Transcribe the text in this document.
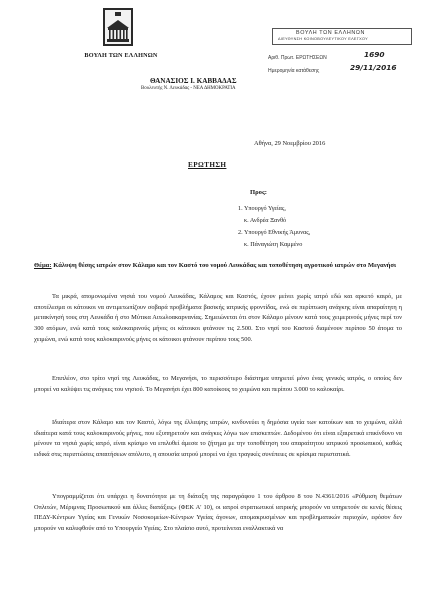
ΒΟΥΛΗ ΤΩΝ ΕΛΛΗΝΩΝ
ΒΟΥΛΗ ΤΩΝ ΕΛΛΗΝΩΝ
ΔΙΕΥΘΥΝΣΗ ΚΟΙΝΟΒΟΥΛΕΥΤΙΚΟΥ ΕΛΕΓΧΟΥ
Αριθ. Πρωτ. ΕΡΩΤΗΣΕΩΝ	1690
Ημερομηνία κατάθεσης	29/11/2016
ΘΑΝΑΣΙΟΣ Ι. ΚΑΒΒΑΔΑΣ
Βουλευτής Ν. Λευκάδας - ΝΕΑ ΔΗΜΟΚΡΑΤΙΑ
Αθήνα, 29 Νοεμβρίου 2016
ΕΡΩΤΗΣΗ
Προς:
1. Υπουργό Υγείας,
κ. Ανδρέα Ξανθό
2. Υπουργό Εθνικής Άμυνας,
κ. Πάναγιώτη Καμμένο
Θέμα: Κάλυψη θέσης ιατρών στον Κάλαμο και τον Καστό του νομού Λευκάδας και τοποθέτηση αγροτικού ιατρών στο Μεγανήσι
Τα μικρά, απομονωμένα νησιά του νομού Λευκάδας, Κάλαμος και Καστός, έχουν μείνει χωρίς ιατρό εδώ και αρκετό καιρό, με αποτέλεσμα οι κάτοικοι να αντιμετωπίζουν σοβαρά προβλήματα βασικής ιατρικής φροντίδας, ενώ σε περίπτωση ανάγκης είναι απαραίτητη η μετακίνησή τους στη Λευκάδα ή στο Μύτικα Αιτωλοακαρνανίας. Σημειώνεται ότι στον Κάλαμο μένουν κατά τους χειμερινούς μήνες περί τον 300 ατόμων, ενώ κατά τους καλοκαιρινούς μήνες οι κάτοικοι φτάνουν τις 2.500. Στο νησί του Καστού διαμένουν περίπου 50 άτομα το χειμώνα, ενώ κατά τους καλοκαιρινούς μήνες οι κάτοικοι φτάνουν περίπου τους 500.
Επιπλέον, στο τρίτο νησί της Λευκάδας, το Μεγανήσι, το περισσότερο διάστημα υπηρετεί μόνο ένας γενικός ιατρός, ο οποίος δεν μπορεί να καλύψει τις ανάγκες του νησιού. Το Μεγανήσι έχει 800 κατοίκους το χειμώνα και περίπου 3.000 το καλοκαίρι.
Ιδιαίτερα στον Κάλαμο και τον Καστό, λόγω της έλλειψης ιατρών, κινδυνεύει η δημόσια υγεία των κατοίκων και το χειμώνα, αλλά ιδιαίτερα κατά τους καλοκαιρινούς μήνες, που εξυπηρετούν και ανάγκες λόγω των επισκεπτών. Δεδομένου ότι είναι εξαιρετικά επικίνδυνο να μένουν τα νησιά χωρίς ιατρό, είναι κρίσιμο να επιλυθεί άμεσα το ζήτημα με την τοποθέτηση του απαραίτητου ιατρικού προσωπικού, καθώς ειδικά στις περιπτώσεις απαιτήσεων απόλυτο, η απουσία ιατρού μπορεί να έχει τραγικές συνέπειες σε κρίσιμα περιστατικά.
Υπογραμμίζεται ότι υπάρχει η δυνατότητα με τη διάταξη της παραγράφου 1 του άρθρου 8 του Ν.4361/2016 «Ρύθμιση θεμάτων Οπλιτών, Μέριμνας Προσωπικού και άλλες διατάξεις» (ΦΕΚ Α' 10), οι ιατροί στρατιωτικοί ιατρικής μπορούν να υπηρετούν σε κενές θέσεις ΠΕΔΥ-Κέντρων Υγείας και Γενικών Νοσοκομείων-Κέντρων Υγείας άγονων, απομακρυσμένων και προβληματικών περιοχών, εφόσον δεν μπορούν να καλυφθούν από το Υπουργείο Υγείας. Στο πλαίσιο αυτό, προτείνεται εναλλακτικά να
